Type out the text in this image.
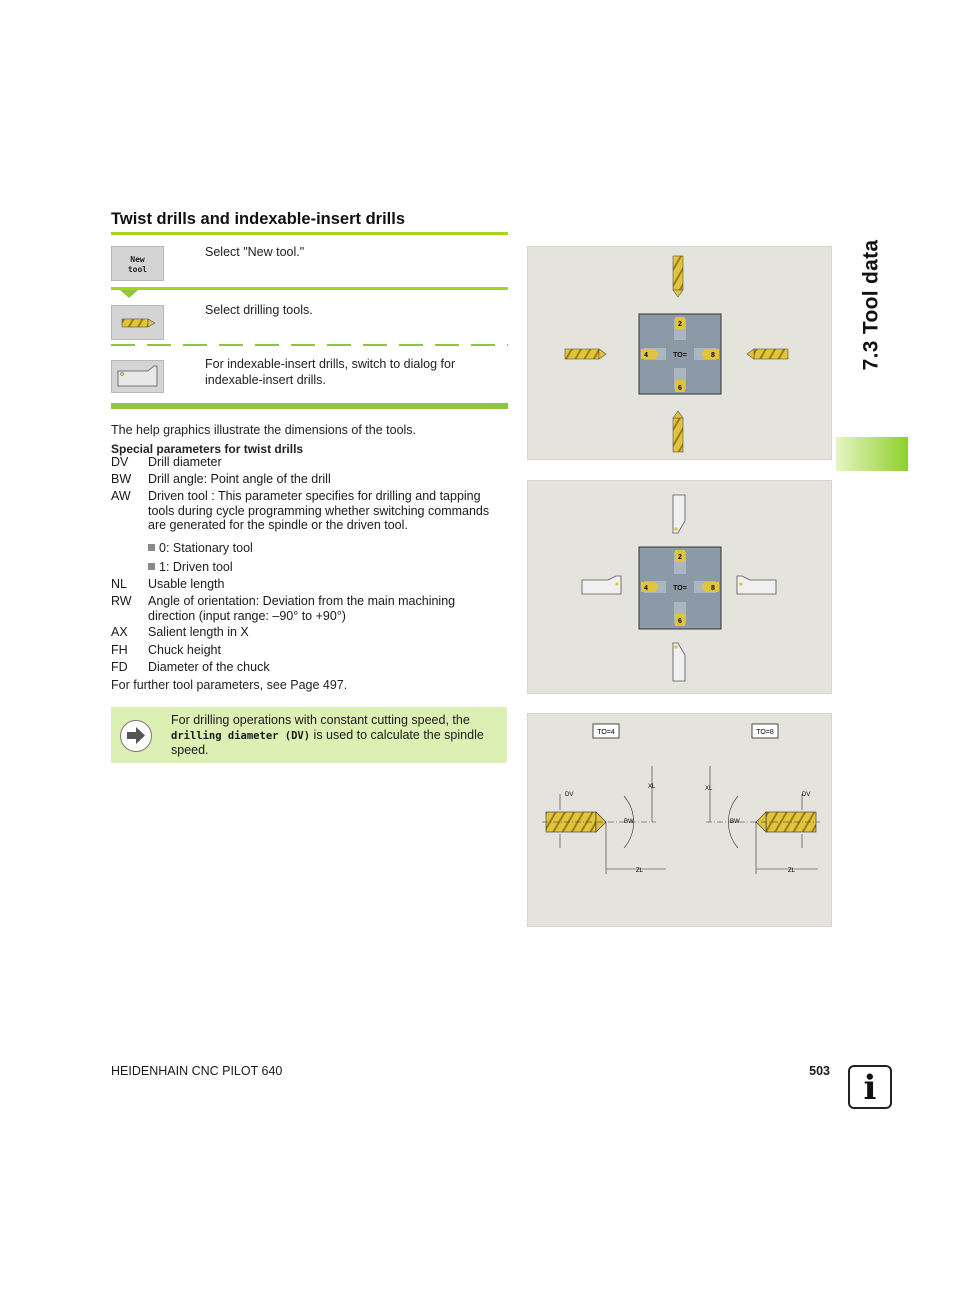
Twist drills and indexable-insert drills
New
tool
Select "New tool."
Select drilling tools.
For indexable-insert drills, switch to dialog for indexable-insert drills.
The help graphics illustrate the dimensions of the tools.
Special parameters for twist drills
DV Drill diameter
BW Drill angle: Point angle of the drill
AW Driven tool : This parameter specifies for drilling and tapping tools during cycle programming whether switching commands are generated for the spindle or the driven tool.
0: Stationary tool
1: Driven tool
NL Usable length
RW Angle of orientation: Deviation from the main machining direction (input range: –90° to +90°)
AX Salient length in X
FH Chuck height
FD Diameter of the chuck
For further tool parameters, see Page 497.
For drilling operations with constant cutting speed, the drilling diameter (DV) is used to calculate the spindle speed.
2
4	8
6
TO=
2
4	8
6
TO=
TO=4	TO=8
DV
XL
BW
ZL
DV
XL
BW
ZL
7.3 Tool data
HEIDENHAIN CNC PILOT 640	503 i
